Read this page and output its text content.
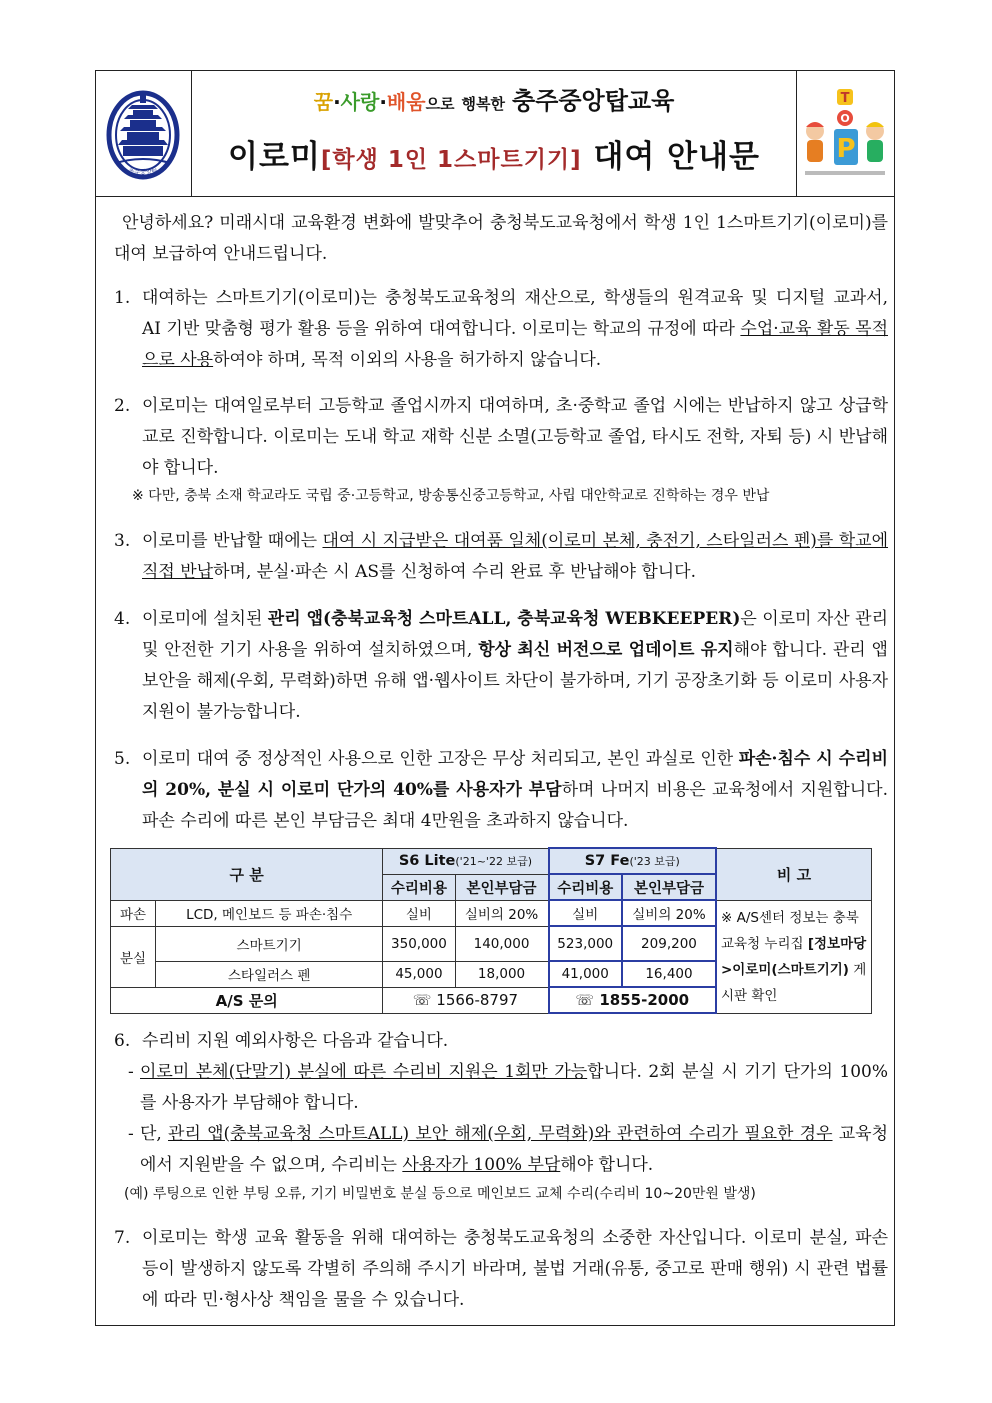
충주중앙탑
꿈·사랑·배움으로 행복한 충주중앙탑교육
이로미[학생 1인 1스마트기기] 대여 안내문
T
O
P

안녕하세요? 미래시대 교육환경 변화에 발맞추어 충청북도교육청에서 학생 1인 1스마트기기(이로미)를 대여 보급하여 안내드립니다.

1. 대여하는 스마트기기(이로미)는 충청북도교육청의 재산으로, 학생들의 원격교육 및 디지털 교과서, AI 기반 맞춤형 평가 활용 등을 위하여 대여합니다. 이로미는 학교의 규정에 따라 수업·교육 활동 목적으로 사용하여야 하며, 목적 이외의 사용을 허가하지 않습니다.

2. 이로미는 대여일로부터 고등학교 졸업시까지 대여하며, 초·중학교 졸업 시에는 반납하지 않고 상급학교로 진학합니다. 이로미는 도내 학교 재학 신분 소멸(고등학교 졸업, 타시도 전학, 자퇴 등) 시 반납해야 합니다.

※ 다만, 충북 소재 학교라도 국립 중·고등학교, 방송통신중고등학교, 사립 대안학교로 진학하는 경우 반납

3. 이로미를 반납할 때에는 대여 시 지급받은 대여품 일체(이로미 본체, 충전기, 스타일러스 펜)를 학교에 직접 반납하며, 분실·파손 시 AS를 신청하여 수리 완료 후 반납해야 합니다.

4. 이로미에 설치된 관리 앱(충북교육청 스마트ALL, 충북교육청 WEBKEEPER)은 이로미 자산 관리 및 안전한 기기 사용을 위하여 설치하였으며, 항상 최신 버전으로 업데이트 유지해야 합니다. 관리 앱 보안을 해제(우회, 무력화)하면 유해 앱·웹사이트 차단이 불가하며, 기기 공장초기화 등 이로미 사용자 지원이 불가능합니다.

5. 이로미 대여 중 정상적인 사용으로 인한 고장은 무상 처리되고, 본인 과실로 인한 파손·침수 시 수리비의 20%, 분실 시 이로미 단가의 40%를 사용자가 부담하며 나머지 비용은 교육청에서 지원합니다. 파손 수리에 따른 본인 부담금은 최대 4만원을 초과하지 않습니다.

구 분		S6 Lite('21~'22 보급)		S7 Fe('23 보급)		비 고
		수리비용	본인부담금	수리비용	본인부담금	
파손	LCD, 메인보드 등 파손·침수	실비	실비의 20%	실비	실비의 20%	※ A/S센터 정보는 충북교육청 누리집 [정보마당>이로미(스마트기기) 게시판 확인
분실	스마트기기	350,000	140,000	523,000	209,200	
	스타일러스 펜	45,000	18,000	41,000	16,400	
A/S 문의		☏ 1566-8797		☏ 1855-2000		

6. 수리비 지원 예외사항은 다음과 같습니다.

- 이로미 본체(단말기) 분실에 따른 수리비 지원은 1회만 가능합니다. 2회 분실 시 기기 단가의 100%를 사용자가 부담해야 합니다.

- 단, 관리 앱(충북교육청 스마트ALL) 보안 해제(우회, 무력화)와 관련하여 수리가 필요한 경우 교육청에서 지원받을 수 없으며, 수리비는 사용자가 100% 부담해야 합니다.

(예) 루팅으로 인한 부팅 오류, 기기 비밀번호 분실 등으로 메인보드 교체 수리(수리비 10~20만원 발생)

7. 이로미는 학생 교육 활동을 위해 대여하는 충청북도교육청의 소중한 자산입니다. 이로미 분실, 파손 등이 발생하지 않도록 각별히 주의해 주시기 바라며, 불법 거래(유통, 중고로 판매 행위) 시 관련 법률에 따라 민·형사상 책임을 물을 수 있습니다.
